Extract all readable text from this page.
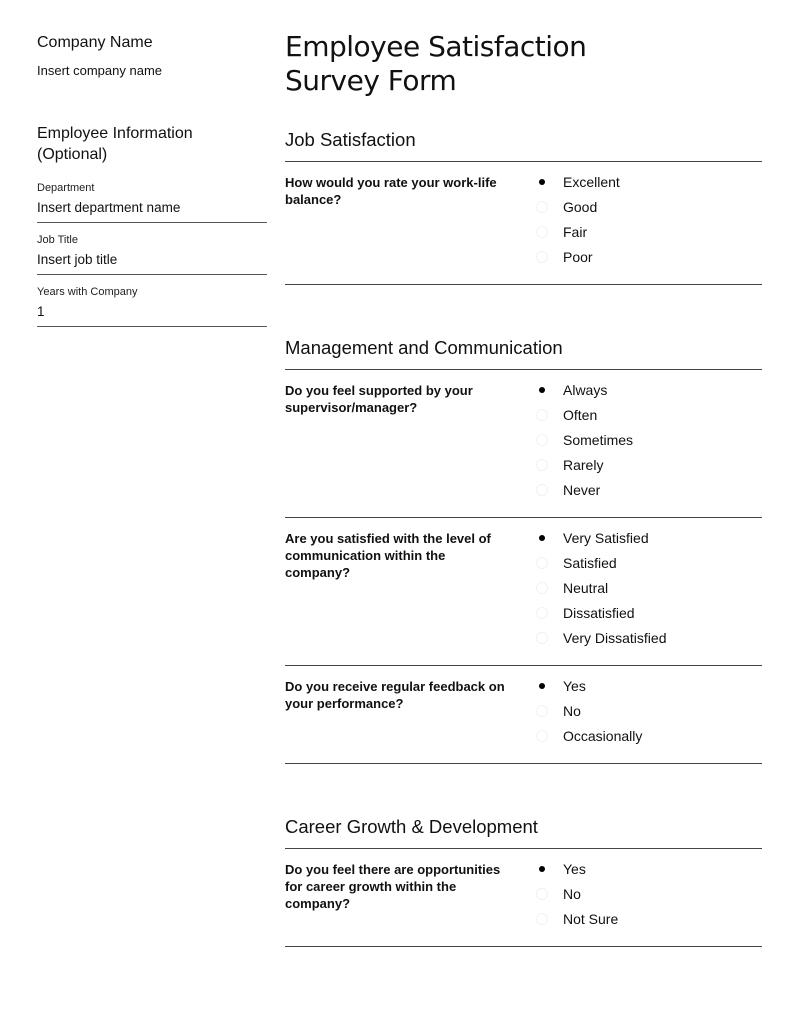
Company Name
Insert company name
Employee Information (Optional)
Department
Insert department name
Job Title
Insert job title
Years with Company
1
Employee Satisfaction Survey Form
Job Satisfaction
How would you rate your work-life balance?
Excellent
Good
Fair
Poor
Management and Communication
Do you feel supported by your supervisor/manager?
Always
Often
Sometimes
Rarely
Never
Are you satisfied with the level of communication within the company?
Very Satisfied
Satisfied
Neutral
Dissatisfied
Very Dissatisfied
Do you receive regular feedback on your performance?
Yes
No
Occasionally
Career Growth & Development
Do you feel there are opportunities for career growth within the company?
Yes
No
Not Sure
